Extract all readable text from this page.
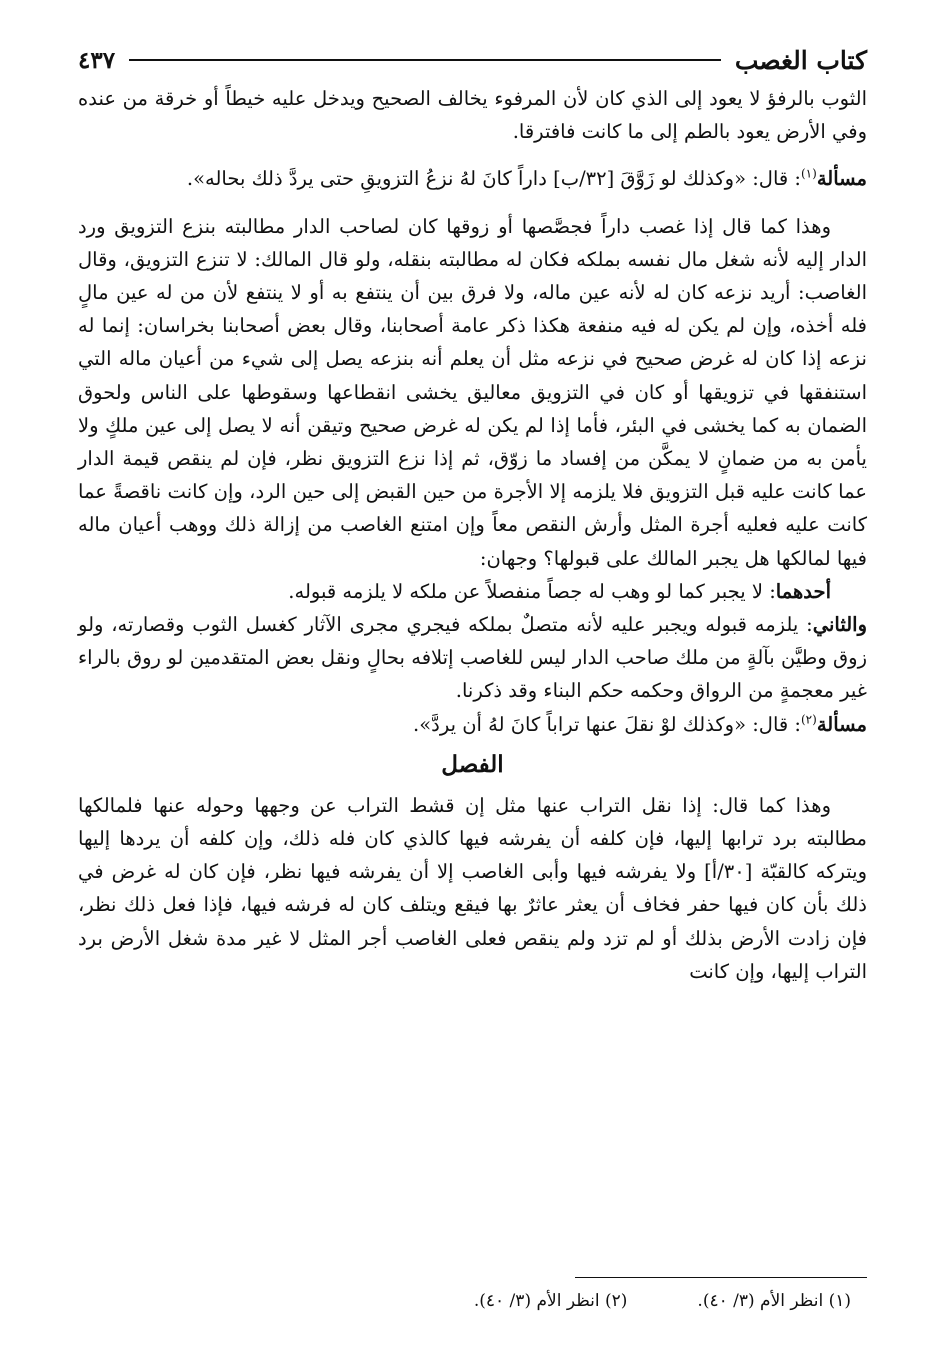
كتاب الغصب
٤٣٧

الثوب بالرفؤ لا يعود إلى الذي كان لأن المرفوء يخالف الصحيح ويدخل عليه خيطاً أو خرقة من عنده وفي الأرض يعود بالطم إلى ما كانت فافترقا.

مسألة$^{(١)}$: قال: «وكذلك لو زَوَّقَ [٣٢/ب] داراً كانَ لهُ نزعُ التزويقِ حتى يردَّ ذلك بحاله».

وهذا كما قال إذا غصب داراً فجصَّصها أو زوقها كان لصاحب الدار مطالبته بنزع التزويق ورد الدار إليه لأنه شغل مال نفسه بملكه فكان له مطالبته بنقله، ولو قال المالك: لا تنزع التزويق، وقال الغاصب: أريد نزعه كان له لأنه عين ماله، ولا فرق بين أن ينتفع به أو لا ينتفع لأن من له عين مالٍ فله أخذه، وإن لم يكن له فيه منفعة هكذا ذكر عامة أصحابنا، وقال بعض أصحابنا بخراسان: إنما له نزعه إذا كان له غرض صحيح في نزعه مثل أن يعلم أنه بنزعه يصل إلى شيء من أعيان ماله التي استنفقها في تزويقها أو كان في التزويق معاليق يخشى انقطاعها وسقوطها على الناس ولحوق الضمان به كما يخشى في البئر، فأما إذا لم يكن له غرض صحيح وتيقن أنه لا يصل إلى عين ملكٍ ولا يأمن به من ضمانٍ لا يمكَّن من إفساد ما زوّق، ثم إذا نزع التزويق نظر، فإن لم ينقص قيمة الدار عما كانت عليه قبل التزويق فلا يلزمه إلا الأجرة من حين القبض إلى حين الرد، وإن كانت ناقصةً عما كانت عليه فعليه أجرة المثل وأرش النقص معاً وإن امتنع الغاصب من إزالة ذلك ووهب أعيان ماله فيها لمالكها هل يجبر المالك على قبولها؟ وجهان:

أحدهما: لا يجبر كما لو وهب له جصاً منفصلاً عن ملكه لا يلزمه قبوله.

والثاني: يلزمه قبوله ويجبر عليه لأنه متصلٌ بملكه فيجري مجرى الآثار كغسل الثوب وقصارته، ولو زوق وطيَّن بآلةٍ من ملك صاحب الدار ليس للغاصب إتلافه بحالٍ ونقل بعض المتقدمين لو روق بالراء غير معجمةٍ من الرواق وحكمه حكم البناء وقد ذكرنا.

مسألة$^{(٢)}$: قال: «وكذلك لوْ نقلَ عنها تراباً كانَ لهُ أن يردَّ».

الفصل

وهذا كما قال: إذا نقل التراب عنها مثل إن قشط التراب عن وجهها وحوله عنها فلمالكها مطالبته برد ترابها إليها، فإن كلفه أن يفرشه فيها كالذي كان فله ذلك، وإن كلفه أن يردها إليها ويتركه كالقبّة [٣٠/أ] ولا يفرشه فيها وأبى الغاصب إلا أن يفرشه فيها نظر، فإن كان له غرض في ذلك بأن كان فيها حفر فخاف أن يعثر عاثرٌ بها فيقع ويتلف كان له فرشه فيها، فإذا فعل ذلك نظر، فإن زادت الأرض بذلك أو لم تزد ولم ينقص فعلى الغاصب أجر المثل لا غير مدة شغل الأرض برد التراب إليها، وإن كانت

(١) انظر الأم (٣/ ٤٠).
(٢) انظر الأم (٣/ ٤٠).
